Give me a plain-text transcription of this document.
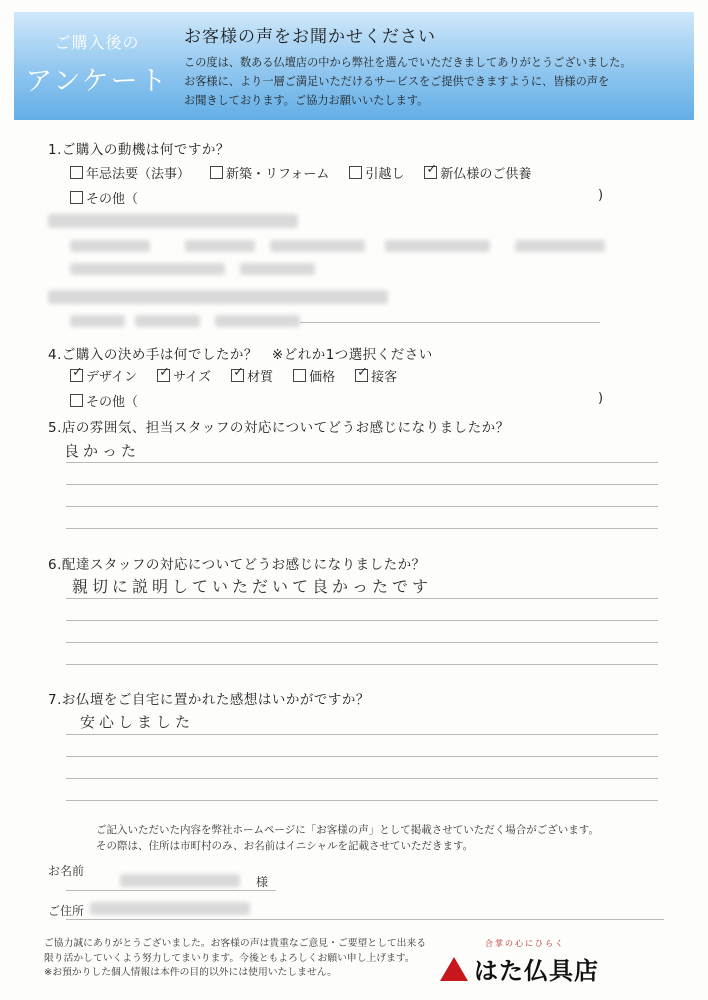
ご購入後の
アンケート
お客様の声をお聞かせください
この度は、数ある仏壇店の中から弊社を選んでいただきましてありがとうございました。
お客様に、より一層ご満足いただけるサービスをご提供できますように、皆様の声を
お聞きしております。ご協力お願いいたします。
1.ご購入の動機は何ですか？
年忌法要（法事）	新築・リフォーム	引越し ✓	新仏様のご供養
その他（	)
4.ご購入の決め手は何でしたか？　※どれか1つ選択ください
✓
デザイン ✓	サイズ ✓	材質	価格 ✓	接客
その他（	)
5.店の雰囲気、担当スタッフの対応についてどうお感じになりましたか？
良かった
6.配達スタッフの対応についてどうお感じになりましたか？
親切に説明していただいて良かったです
7.お仏壇をご自宅に置かれた感想はいかがですか？
安心しました
ご記入いただいた内容を弊社ホームページに「お客様の声」として掲載させていただく場合がございます。
その際は、住所は市町村のみ、お名前はイニシャルを記載させていただきます。
お名前
様
ご住所
ご協力誠にありがとうございました。お客様の声は貴重なご意見・ご要望として出来る
限り活かしていくよう努力してまいります。今後ともよろしくお願い申し上げます。
※お預かりした個人情報は本件の目的以外には使用いたしません。
合掌の心にひらく
はた仏具店
